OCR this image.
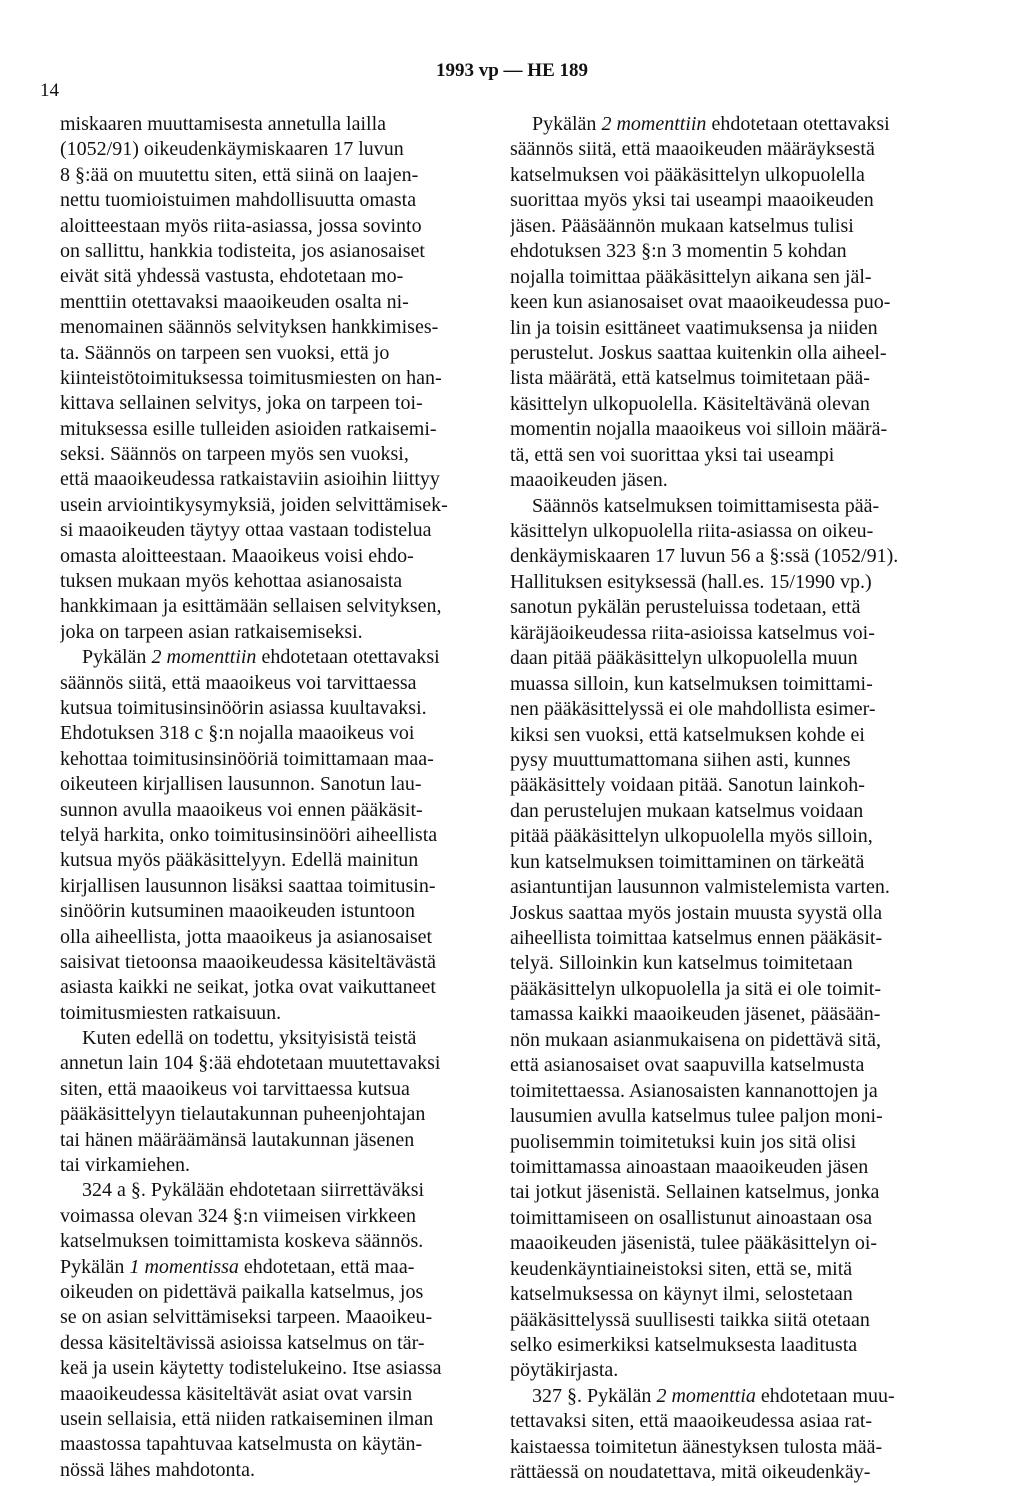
14
1993 vp — HE 189
miskaaren muuttamisesta annetulla lailla
(1052/91) oikeudenkäymiskaaren 17 luvun
8 §:ää on muutettu siten, että siinä on laajen-
nettu tuomioistuimen mahdollisuutta omasta
aloitteestaan myös riita-asiassa, jossa sovinto
on sallittu, hankkia todisteita, jos asianosaiset
eivät sitä yhdessä vastusta, ehdotetaan mo-
menttiin otettavaksi maaoikeuden osalta ni-
menomainen säännös selvityksen hankkimises-
ta. Säännös on tarpeen sen vuoksi, että jo
kiinteistötoimituksessa toimitusmiesten on han-
kittava sellainen selvitys, joka on tarpeen toi-
mituksessa esille tulleiden asioiden ratkaisemi-
seksi. Säännös on tarpeen myös sen vuoksi,
että maaoikeudessa ratkaistaviin asioihin liittyy
usein arviointikysymyksiä, joiden selvittämisek-
si maaoikeuden täytyy ottaa vastaan todistelua
omasta aloitteestaan. Maaoikeus voisi ehdo-
tuksen mukaan myös kehottaa asianosaista
hankkimaan ja esittämään sellaisen selvityksen,
joka on tarpeen asian ratkaisemiseksi.
Pykälän 2 momenttiin ehdotetaan otettavaksi
säännös siitä, että maaoikeus voi tarvittaessa
kutsua toimitusinsinöörin asiassa kuultavaksi.
Ehdotuksen 318 c §:n nojalla maaoikeus voi
kehottaa toimitusinsinööriä toimittamaan maa-
oikeuteen kirjallisen lausunnon. Sanotun lau-
sunnon avulla maaoikeus voi ennen pääkäsit-
telyä harkita, onko toimitusinsinööri aiheellista
kutsua myös pääkäsittelyyn. Edellä mainitun
kirjallisen lausunnon lisäksi saattaa toimitusin-
sinöörin kutsuminen maaoikeuden istuntoon
olla aiheellista, jotta maaoikeus ja asianosaiset
saisivat tietoonsa maaoikeudessa käsiteltävästä
asiasta kaikki ne seikat, jotka ovat vaikuttaneet
toimitusmiesten ratkaisuun.
Kuten edellä on todettu, yksityisistä teistä
annetun lain 104 §:ää ehdotetaan muutettavaksi
siten, että maaoikeus voi tarvittaessa kutsua
pääkäsittelyyn tielautakunnan puheenjohtajan
tai hänen määräämänsä lautakunnan jäsenen
tai virkamiehen.
324 a §. Pykälään ehdotetaan siirrettäväksi
voimassa olevan 324 §:n viimeisen virkkeen
katselmuksen toimittamista koskeva säännös.
Pykälän 1 momentissa ehdotetaan, että maa-
oikeuden on pidettävä paikalla katselmus, jos
se on asian selvittämiseksi tarpeen. Maaoikeu-
dessa käsiteltävissä asioissa katselmus on tär-
keä ja usein käytetty todistelukeino. Itse asiassa
maaoikeudessa käsiteltävät asiat ovat varsin
usein sellaisia, että niiden ratkaiseminen ilman
maastossa tapahtuvaa katselmusta on käytän-
nössä lähes mahdotonta.
Pykälän 2 momenttiin ehdotetaan otettavaksi
säännös siitä, että maaoikeuden määräyksestä
katselmuksen voi pääkäsittelyn ulkopuolella
suorittaa myös yksi tai useampi maaoikeuden
jäsen. Pääsäännön mukaan katselmus tulisi
ehdotuksen 323 §:n 3 momentin 5 kohdan
nojalla toimittaa pääkäsittelyn aikana sen jäl-
keen kun asianosaiset ovat maaoikeudessa puo-
lin ja toisin esittäneet vaatimuksensa ja niiden
perustelut. Joskus saattaa kuitenkin olla aiheel-
lista määrätä, että katselmus toimitetaan pää-
käsittelyn ulkopuolella. Käsiteltävänä olevan
momentin nojalla maaoikeus voi silloin määrä-
tä, että sen voi suorittaa yksi tai useampi
maaoikeuden jäsen.
Säännös katselmuksen toimittamisesta pää-
käsittelyn ulkopuolella riita-asiassa on oikeu-
denkäymiskaaren 17 luvun 56 a §:ssä (1052/91).
Hallituksen esityksessä (hall.es. 15/1990 vp.)
sanotun pykälän perusteluissa todetaan, että
käräjäoikeudessa riita-asioissa katselmus voi-
daan pitää pääkäsittelyn ulkopuolella muun
muassa silloin, kun katselmuksen toimittami-
nen pääkäsittelyssä ei ole mahdollista esimer-
kiksi sen vuoksi, että katselmuksen kohde ei
pysy muuttumattomana siihen asti, kunnes
pääkäsittely voidaan pitää. Sanotun lainkoh-
dan perustelujen mukaan katselmus voidaan
pitää pääkäsittelyn ulkopuolella myös silloin,
kun katselmuksen toimittaminen on tärkeätä
asiantuntijan lausunnon valmistelemista varten.
Joskus saattaa myös jostain muusta syystä olla
aiheellista toimittaa katselmus ennen pääkäsit-
telyä. Silloinkin kun katselmus toimitetaan
pääkäsittelyn ulkopuolella ja sitä ei ole toimit-
tamassa kaikki maaoikeuden jäsenet, pääsään-
nön mukaan asianmukaisena on pidettävä sitä,
että asianosaiset ovat saapuvilla katselmusta
toimitettaessa. Asianosaisten kannanottojen ja
lausumien avulla katselmus tulee paljon moni-
puolisemmin toimitetuksi kuin jos sitä olisi
toimittamassa ainoastaan maaoikeuden jäsen
tai jotkut jäsenistä. Sellainen katselmus, jonka
toimittamiseen on osallistunut ainoastaan osa
maaoikeuden jäsenistä, tulee pääkäsittelyn oi-
keudenkäyntiaineistoksi siten, että se, mitä
katselmuksessa on käynyt ilmi, selostetaan
pääkäsittelyssä suullisesti taikka siitä otetaan
selko esimerkiksi katselmuksesta laaditusta
pöytäkirjasta.
327 §. Pykälän 2 momenttia ehdotetaan muu-
tettavaksi siten, että maaoikeudessa asiaa rat-
kaistaessa toimitetun äänestyksen tulosta mää-
rättäessä on noudatettava, mitä oikeudenkäy-
